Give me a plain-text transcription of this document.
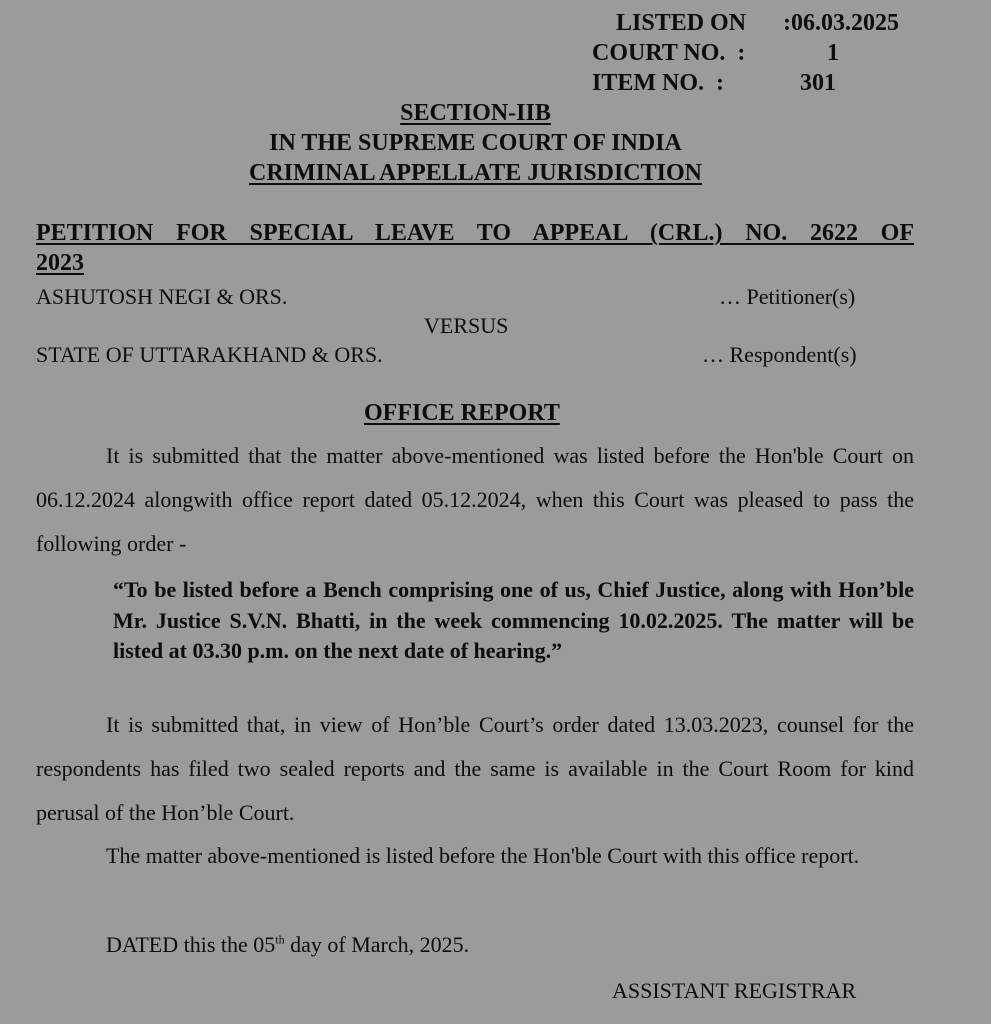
LISTED ON :06.03.2025
COURT NO.  :	1
ITEM NO.  :	301
SECTION-IIB
IN THE SUPREME COURT OF INDIA
CRIMINAL APPELLATE JURISDICTION
PETITION FOR SPECIAL LEAVE TO APPEAL (CRL.) NO. 2622 OF
2023
ASHUTOSH NEGI & ORS.	… Petitioner(s)
VERSUS
STATE OF UTTARAKHAND & ORS.	… Respondent(s)
OFFICE REPORT
It is submitted that the matter above-mentioned was listed before the Hon'ble Court on 06.12.2024 alongwith office report dated 05.12.2024, when this Court was pleased to pass the following order -
“To be listed before a Bench comprising one of us, Chief Justice, along with Hon’ble Mr. Justice S.V.N. Bhatti, in the week commencing 10.02.2025. The matter will be listed at 03.30 p.m. on the next date of hearing.”
It is submitted that, in view of Hon’ble Court’s order dated 13.03.2023, counsel for the respondents has filed two sealed reports and the same is available in the Court Room for kind perusal of the Hon’ble Court.
The matter above-mentioned is listed before the Hon'ble Court with this office report.
DATED this the 05th day of March, 2025.
ASSISTANT REGISTRAR
